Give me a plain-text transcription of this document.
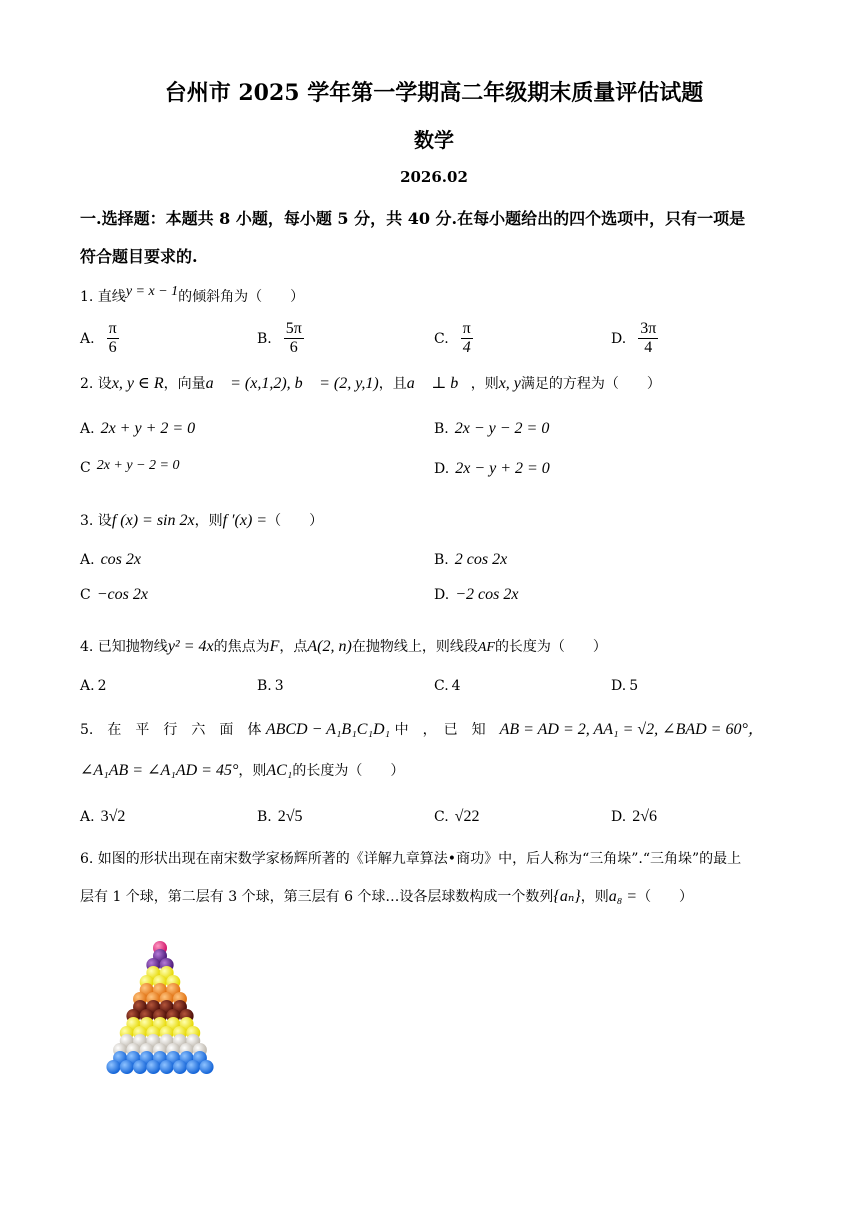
台州市 2025 学年第一学期高二年级期末质量评估试题
数学
2026.02
一.选择题：本题共 8 小题，每小题 5 分，共 40 分.在每小题给出的四个选项中，只有一项是
符合题目要求的.
1. 直线y = x − 1的倾斜角为（　　）
A. $\frac{\pi}{6}$	B. $\frac{5\pi}{6}$	C. $\frac{\pi}{4}$	D. $\frac{3\pi}{4}$
2. 设x, y ∈ R，向量a⃗ = (x,1,2), b⃗ = (2, y,1)，且a⃗ ⊥ b⃗，则x, y满足的方程为（　　）
A. 2x + y + 2 = 0	B. 2x − y − 2 = 0
C 2x + y − 2 = 0	D. 2x − y + 2 = 0
3. 设f (x) = sin 2x，则f ′(x) =（　　）
A. cos 2x	B. 2 cos 2x
C −cos 2x	D. −2 cos 2x
4. 已知抛物线y² = 4x的焦点为F，点A(2, n)在抛物线上，则线段AF的长度为（　　）
A. 2	B. 3	C. 4	D. 5
5.　在　平　行　六　面　体 ABCD − A₁B₁C₁D₁ 中　，　已　知　 AB = AD = 2, AA₁ = √2, ∠BAD = 60°，
∠A₁AB = ∠A₁AD = 45°，则AC₁的长度为（　　）
A. 3√2	B. 2√5	C. √22	D. 2√6
6. 如图的形状出现在南宋数学家杨辉所著的《详解九章算法•商功》中，后人称为“三角垛”.“三角垛”的最上
层有 1 个球，第二层有 3 个球，第三层有 6 个球…设各层球数构成一个数列{aₙ}，则a₈ =（　　）
